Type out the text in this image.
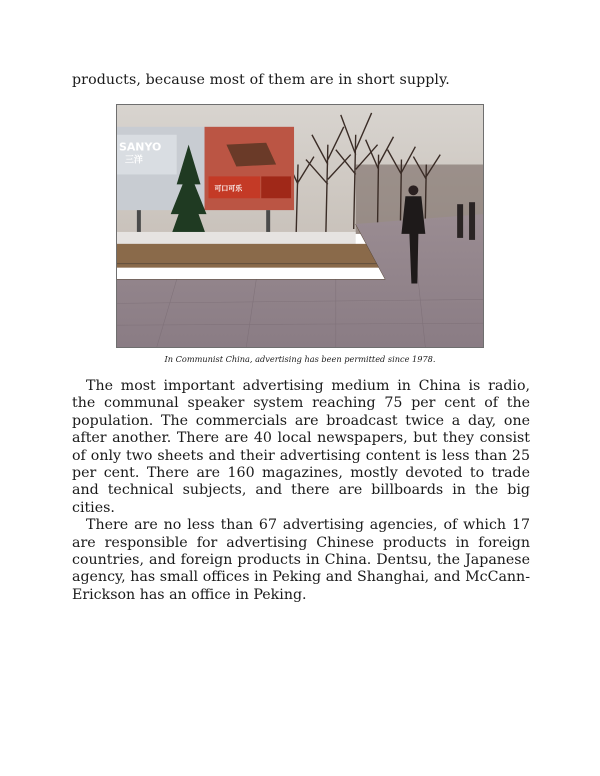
products, because most of them are in short supply.
SANYO
三洋
可口可乐
In Communist China, advertising has been permitted since 1978.

The most important advertising medium in China is radio, the communal speaker system reaching 75 per cent of the population. The commercials are broadcast twice a day, one after another. There are 40 local newspapers, but they consist of only two sheets and their advertising content is less than 25 per cent. There are 160 magazines, mostly devoted to trade and technical subjects, and there are billboards in the big cities.

There are no less than 67 advertising agencies, of which 17 are responsible for advertising Chinese products in foreign countries, and foreign products in China. Dentsu, the Japanese agency, has small offices in Peking and Shanghai, and McCann-Erickson has an office in Peking.
